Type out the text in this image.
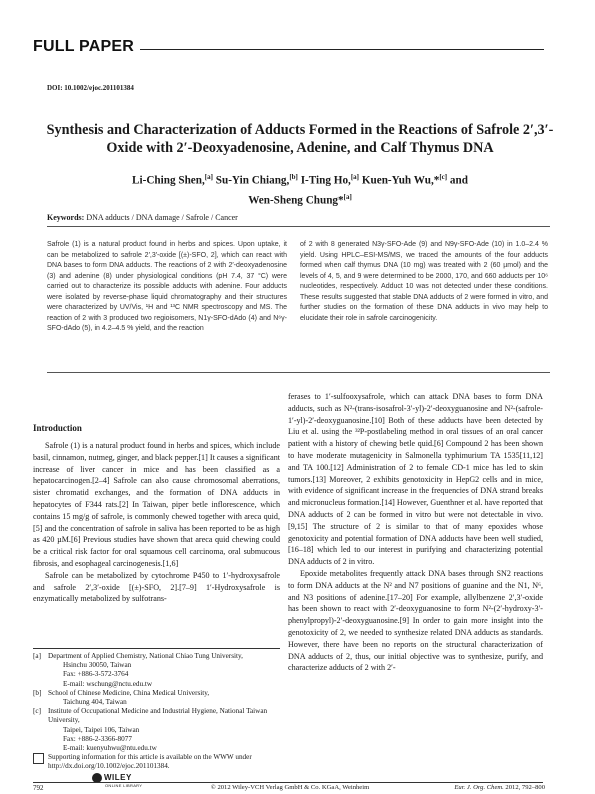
FULL PAPER
DOI: 10.1002/ejoc.201101384
Synthesis and Characterization of Adducts Formed in the Reactions of Safrole 2′,3′-Oxide with 2′-Deoxyadenosine, Adenine, and Calf Thymus DNA
Li-Ching Shen,[a] Su-Yin Chiang,[b] I-Ting Ho,[a] Kuen-Yuh Wu,*[c] and
Wen-Sheng Chung*[a]
Keywords: DNA adducts / DNA damage / Safrole / Cancer
Safrole (1) is a natural product found in herbs and spices. Upon uptake, it can be metabolized to safrole 2′,3′-oxide [(±)-SFO, 2], which can react with DNA bases to form DNA adducts. The reactions of 2 with 2′-deoxyadenosine (3) and adenine (8) under physiological conditions (pH 7.4, 37 °C) were carried out to characterize its possible adducts with adenine. Four adducts were isolated by reverse-phase liquid chromatography and their structures were characterized by UV/Vis, ¹H and ¹³C NMR spectroscopy and MS. The reaction of 2 with 3 produced two regioisomers, N1γ-SFO-dAdo (4) and N⁶γ-SFO-dAdo (5), in 4.2–4.5 % yield, and the reaction
of 2 with 8 generated N3γ-SFO-Ade (9) and N9γ-SFO-Ade (10) in 1.0–2.4 % yield. Using HPLC–ESI-MS/MS, we traced the amounts of the four adducts formed when calf thymus DNA (10 mg) was treated with 2 (60 µmol) and the levels of 4, 5, and 9 were determined to be 2000, 170, and 660 adducts per 10⁶ nucleotides, respectively. Adduct 10 was not detected under these conditions. These results suggested that stable DNA adducts of 2 were formed in vitro, and further studies on the formation of these DNA adducts in vivo may help to elucidate their role in safrole carcinogenicity.
Introduction

Safrole (1) is a natural product found in herbs and spices, which include basil, cinnamon, nutmeg, ginger, and black pepper.[1] It causes a significant increase of liver cancer in mice and has been classified as a hepatocarcinogen.[2–4] Safrole can also cause chromosomal aberrations, sister chromatid exchanges, and the formation of DNA adducts in hepatocytes of F344 rats.[2] In Taiwan, piper betle inflorescence, which contains 15 mg/g of safrole, is commonly chewed together with areca quid,[5] and the concentration of safrole in saliva has been reported to be as high as 420 µM.[6] Previous studies have shown that areca quid chewing could be a critical risk factor for oral squamous cell carcinoma, oral submucous fibrosis, and esophageal carcinogenesis.[1,6]

Safrole can be metabolized by cytochrome P450 to 1′-hydroxysafrole and safrole 2′,3′-oxide [(±)-SFO, 2].[7–9] 1′-Hydroxysafrole is enzymatically metabolized by sulfotrans-

ferases to 1′-sulfooxysafrole, which can attack DNA bases to form DNA adducts, such as N²-(trans-isosafrol-3′-yl)-2′-deoxyguanosine and N²-(safrole-1′-yl)-2′-deoxyguanosine.[10] Both of these adducts have been detected by Liu et al. using the ³²P-postlabeling method in oral tissues of an oral cancer patient with a history of chewing betle quid.[6] Compound 2 has been shown to have moderate mutagenicity in Salmonella typhimurium TA 1535[11,12] and TA 100.[12] Administration of 2 to female CD-1 mice has led to skin tumors.[13] Moreover, 2 exhibits genotoxicity in HepG2 cells and in mice, with evidence of significant increase in the frequencies of DNA strand breaks and micronucleus formation.[14] However, Guenthner et al. have reported that DNA adducts of 2 can be formed in vitro but were not detectable in vivo.[9,15] The structure of 2 is similar to that of many epoxides whose genotoxicity and potential formation of DNA adducts have been well studied,[16–18] which led to our interest in purifying and characterizing potential DNA adducts of 2 in vitro.

Epoxide metabolites frequently attack DNA bases through SN2 reactions to form DNA adducts at the N² and N7 positions of guanine and the N1, N⁶, and N3 positions of adenine.[17–20] For example, allylbenzene 2′,3′-oxide has been shown to react with 2′-deoxyguanosine to form N²-(2′-hydroxy-3′-phenylpropyl)-2′-deoxyguanosine.[9] In order to gain more insight into the genotoxicity of 2, we needed to synthesize related DNA adducts as standards. However, there have been no reports on the structural characterization of DNA adducts of 2, thus, our initial objective was to synthesize, purify, and characterize adducts of 2 with 2′-

[a] Department of Applied Chemistry, National Chiao Tung University,
Hsinchu 30050, Taiwan
Fax: +886-3-572-3764
E-mail: wschung@nctu.edu.tw
[b] School of Chinese Medicine, China Medical University,
Taichung 404, Taiwan
[c] Institute of Occupational Medicine and Industrial Hygiene, National Taiwan University,
Taipei, Taipei 106, Taiwan
Fax: +886-2-3366-8077
E-mail: kuenyuhwu@ntu.edu.tw
Supporting information for this article is available on the WWW under http://dx.doi.org/10.1002/ejoc.201101384.
WILEY
ONLINE LIBRARY
792	© 2012 Wiley-VCH Verlag GmbH & Co. KGaA, Weinheim	Eur. J. Org. Chem. 2012, 792–800
